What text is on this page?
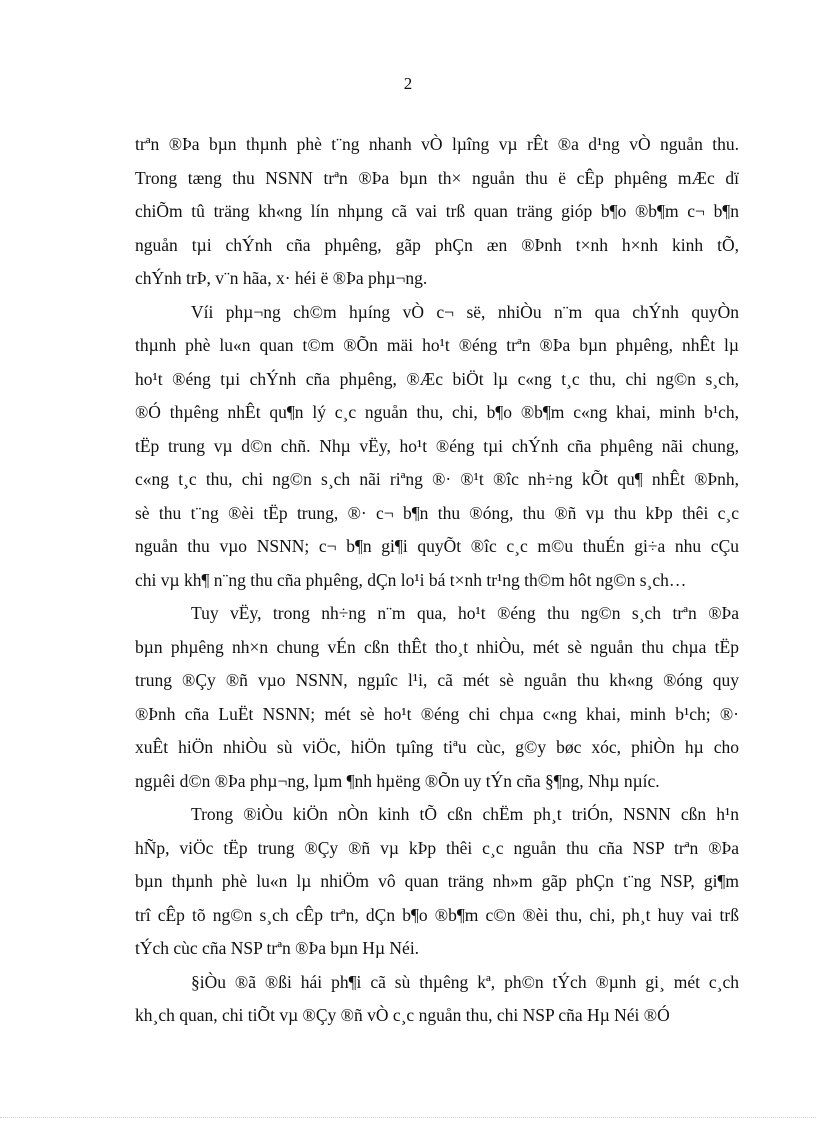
2
trªn ®Þa bµn thµnh phè t¨ng nhanh vÒ lµîng vµ rÊt ®a d¹ng vÒ nguån thu.
Trong tæng thu NSNN trªn ®Þa bµn th× nguån thu ë cÊp phµêng mÆc dï
chiÕm tû träng kh«ng lín nhµng cã vai trß quan träng gióp b¶o ®b¶m c¬ b¶n
nguån tµi chÝnh cña phµêng, gãp phÇn æn ®Þnh t×nh h×nh kinh tÕ,
chÝnh trÞ, v¨n hãa, x· héi ë ®Þa phµ¬ng.
Víi phµ¬ng ch©m hµíng vÒ c¬ së, nhiÒu n¨m qua chÝnh quyÒn
thµnh phè lu«n quan t©m ®Õn mäi ho¹t ®éng trªn ®Þa bµn phµêng, nhÊt lµ
ho¹t ®éng tµi chÝnh cña phµêng, ®Æc biÖt lµ c«ng t¸c thu, chi ng©n s¸ch,
®Ó thµêng nhÊt qu¶n lý c¸c nguån thu, chi, b¶o ®b¶m c«ng khai, minh b¹ch,
tËp trung vµ d©n chñ. Nhµ vËy, ho¹t ®éng tµi chÝnh cña phµêng nãi chung,
c«ng t¸c thu, chi ng©n s¸ch nãi riªng ®· ®¹t ®îc nh÷ng kÕt qu¶ nhÊt ®Þnh,
sè thu t¨ng ®èi tËp trung, ®· c¬ b¶n thu ®óng, thu ®ñ vµ thu kÞp thêi c¸c
nguån thu vµo NSNN; c¬ b¶n gi¶i quyÕt ®îc c¸c m©u thuÉn gi÷a nhu cÇu
chi vµ kh¶ n¨ng thu cña phµêng, dÇn lo¹i bá t×nh tr¹ng th©m hôt ng©n s¸ch…
Tuy vËy, trong nh÷ng n¨m qua, ho¹t ®éng thu ng©n s¸ch trªn ®Þa
bµn phµêng nh×n chung vÉn cßn thÊt tho¸t nhiÒu, mét sè nguån thu chµa tËp
trung ®Çy ®ñ vµo NSNN, ngµîc l¹i, cã mét sè nguån thu kh«ng ®óng quy
®Þnh cña LuËt NSNN; mét sè ho¹t ®éng chi chµa c«ng khai, minh b¹ch; ®·
xuÊt hiÖn nhiÒu sù viÖc, hiÖn tµîng tiªu cùc, g©y bøc xóc, phiÒn hµ cho
ngµêi d©n ®Þa phµ¬ng, lµm ¶nh hµëng ®Õn uy tÝn cña §¶ng, Nhµ nµíc.
Trong ®iÒu kiÖn nÒn kinh tÕ cßn chËm ph¸t triÓn, NSNN cßn h¹n
hÑp, viÖc tËp trung ®Çy ®ñ vµ kÞp thêi c¸c nguån thu cña NSP trªn ®Þa
bµn thµnh phè lu«n lµ nhiÖm vô quan träng nh»m gãp phÇn t¨ng NSP, gi¶m
trî cÊp tõ ng©n s¸ch cÊp trªn, dÇn b¶o ®b¶m c©n ®èi thu, chi, ph¸t huy vai trß
tÝch cùc cña NSP trªn ®Þa bµn Hµ Néi.
§iÒu ®ã ®ßi hái ph¶i cã sù thµêng kª, ph©n tÝch ®µnh gi¸ mét c¸ch
kh¸ch quan, chi tiÕt vµ ®Çy ®ñ vÒ c¸c nguån thu, chi NSP cña Hµ Néi ®Ó
